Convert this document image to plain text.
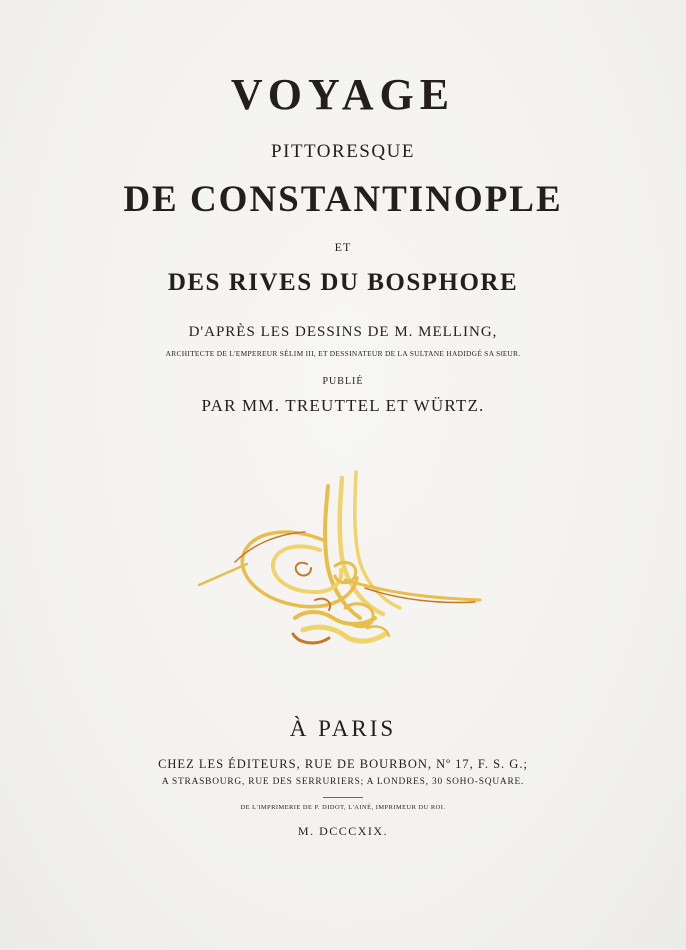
VOYAGE
PITTORESQUE
DE CONSTANTINOPLE
ET
DES RIVES DU BOSPHORE
D'APRÈS LES DESSINS DE M. MELLING,
ARCHITECTE DE L'EMPEREUR SÉLIM III, ET DESSINATEUR DE LA SULTANE HADIDGÉ SA SŒUR.
PUBLIÉ
PAR MM. TREUTTEL ET WÜRTZ.
À PARIS
CHEZ LES ÉDITEURS, RUE DE BOURBON, Nº 17, F. S. G.;
A STRASBOURG, RUE DES SERRURIERS; A LONDRES, 30 SOHO-SQUARE.
DE L'IMPRIMERIE DE P. DIDOT, L'AINÉ, IMPRIMEUR DU ROI.
M. DCCCXIX.
